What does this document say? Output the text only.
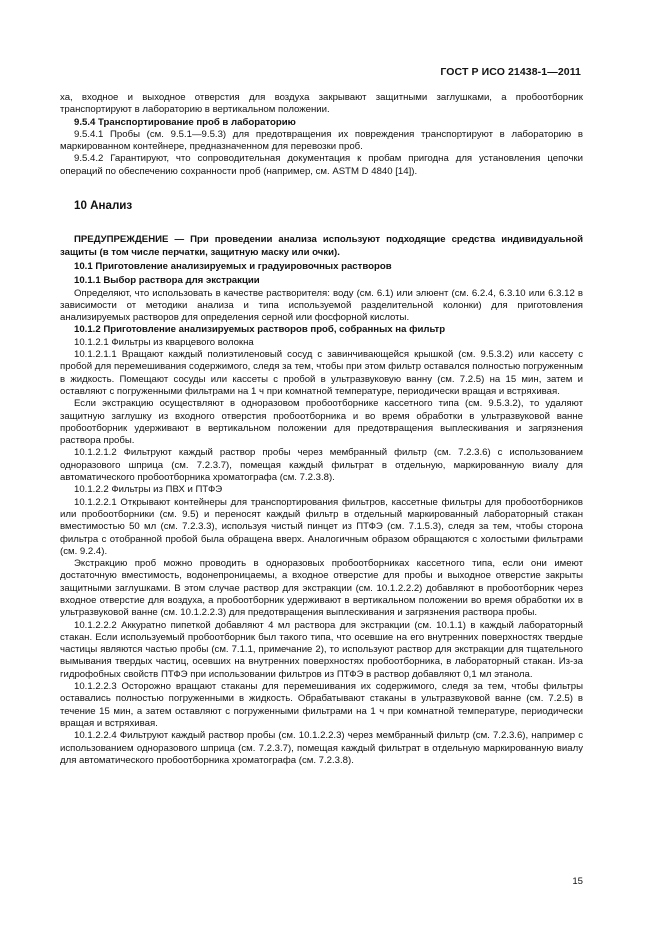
ГОСТ Р ИСО 21438-1—2011

ха, входное и выходное отверстия для воздуха закрывают защитными заглушками, а пробоотборник транспортируют в лабораторию в вертикальном положении.

9.5.4 Транспортирование проб в лабораторию

9.5.4.1 Пробы (см. 9.5.1—9.5.3) для предотвращения их повреждения транспортируют в лабораторию в маркированном контейнере, предназначенном для перевозки проб.

9.5.4.2 Гарантируют, что сопроводительная документация к пробам пригодна для установления цепочки операций по обеспечению сохранности проб (например, см. ASTM D 4840 [14]).

10 Анализ

ПРЕДУПРЕЖДЕНИЕ — При проведении анализа используют подходящие средства индивидуальной защиты (в том числе перчатки, защитную маску или очки).

10.1 Приготовление анализируемых и градуировочных растворов

10.1.1 Выбор раствора для экстракции

Определяют, что использовать в качестве растворителя: воду (см. 6.1) или элюент (см. 6.2.4, 6.3.10 или 6.3.12 в зависимости от методики анализа и типа используемой разделительной колонки) для приготовления анализируемых растворов для определения серной или фосфорной кислоты.

10.1.2 Приготовление анализируемых растворов проб, собранных на фильтр

10.1.2.1 Фильтры из кварцевого волокна

10.1.2.1.1 Вращают каждый полиэтиленовый сосуд с завинчивающейся крышкой (см. 9.5.3.2) или кассету с пробой для перемешивания содержимого, следя за тем, чтобы при этом фильтр оставался полностью погруженным в жидкость. Помещают сосуды или кассеты с пробой в ультразвуковую ванну (см. 7.2.5) на 15 мин, затем и оставляют с погруженными фильтрами на 1 ч при комнатной температуре, периодически вращая и встряхивая.

Если экстракцию осуществляют в одноразовом пробоотборнике кассетного типа (см. 9.5.3.2), то удаляют защитную заглушку из входного отверстия пробоотборника и во время обработки в ультразвуковой ванне пробоотборник удерживают в вертикальном положении для предотвращения выплескивания и загрязнения раствора пробы.

10.1.2.1.2 Фильтруют каждый раствор пробы через мембранный фильтр (см. 7.2.3.6) с использованием одноразового шприца (см. 7.2.3.7), помещая каждый фильтрат в отдельную, маркированную виалу для автоматического пробоотборника хроматографа (см. 7.2.3.8).

10.1.2.2 Фильтры из ПВХ и ПТФЭ

10.1.2.2.1 Открывают контейнеры для транспортирования фильтров, кассетные фильтры для пробоотборников или пробоотборники (см. 9.5) и переносят каждый фильтр в отдельный маркированный лабораторный стакан вместимостью 50 мл (см. 7.2.3.3), используя чистый пинцет из ПТФЭ (см. 7.1.5.3), следя за тем, чтобы сторона фильтра с отобранной пробой была обращена вверх. Аналогичным образом обращаются с холостыми фильтрами (см. 9.2.4).

Экстракцию проб можно проводить в одноразовых пробоотборниках кассетного типа, если они имеют достаточную вместимость, водонепроницаемы, а входное отверстие для пробы и выходное отверстие закрыты защитными заглушками. В этом случае раствор для экстракции (см. 10.1.2.2.2) добавляют в пробоотборник через входное отверстие для воздуха, а пробоотборник удерживают в вертикальном положении во время обработки их в ультразвуковой ванне (см. 10.1.2.2.3) для предотвращения выплескивания и загрязнения раствора пробы.

10.1.2.2.2 Аккуратно пипеткой добавляют 4 мл раствора для экстракции (см. 10.1.1) в каждый лабораторный стакан. Если используемый пробоотборник был такого типа, что осевшие на его внутренних поверхностях твердые частицы являются частью пробы (см. 7.1.1, примечание 2), то используют раствор для экстракции для тщательного вымывания твердых частиц, осевших на внутренних поверхностях пробоотборника, в лабораторный стакан. Из-за гидрофобных свойств ПТФЭ при использовании фильтров из ПТФЭ в раствор добавляют 0,1 мл этанола.

10.1.2.2.3 Осторожно вращают стаканы для перемешивания их содержимого, следя за тем, чтобы фильтры оставались полностью погруженными в жидкость. Обрабатывают стаканы в ультразвуковой ванне (см. 7.2.5) в течение 15 мин, а затем оставляют с погруженными фильтрами на 1 ч при комнатной температуре, периодически вращая и встряхивая.

10.1.2.2.4 Фильтруют каждый раствор пробы (см. 10.1.2.2.3) через мембранный фильтр (см. 7.2.3.6), например с использованием одноразового шприца (см. 7.2.3.7), помещая каждый фильтрат в отдельную маркированную виалу для автоматического пробоотборника хроматографа (см. 7.2.3.8).

15
